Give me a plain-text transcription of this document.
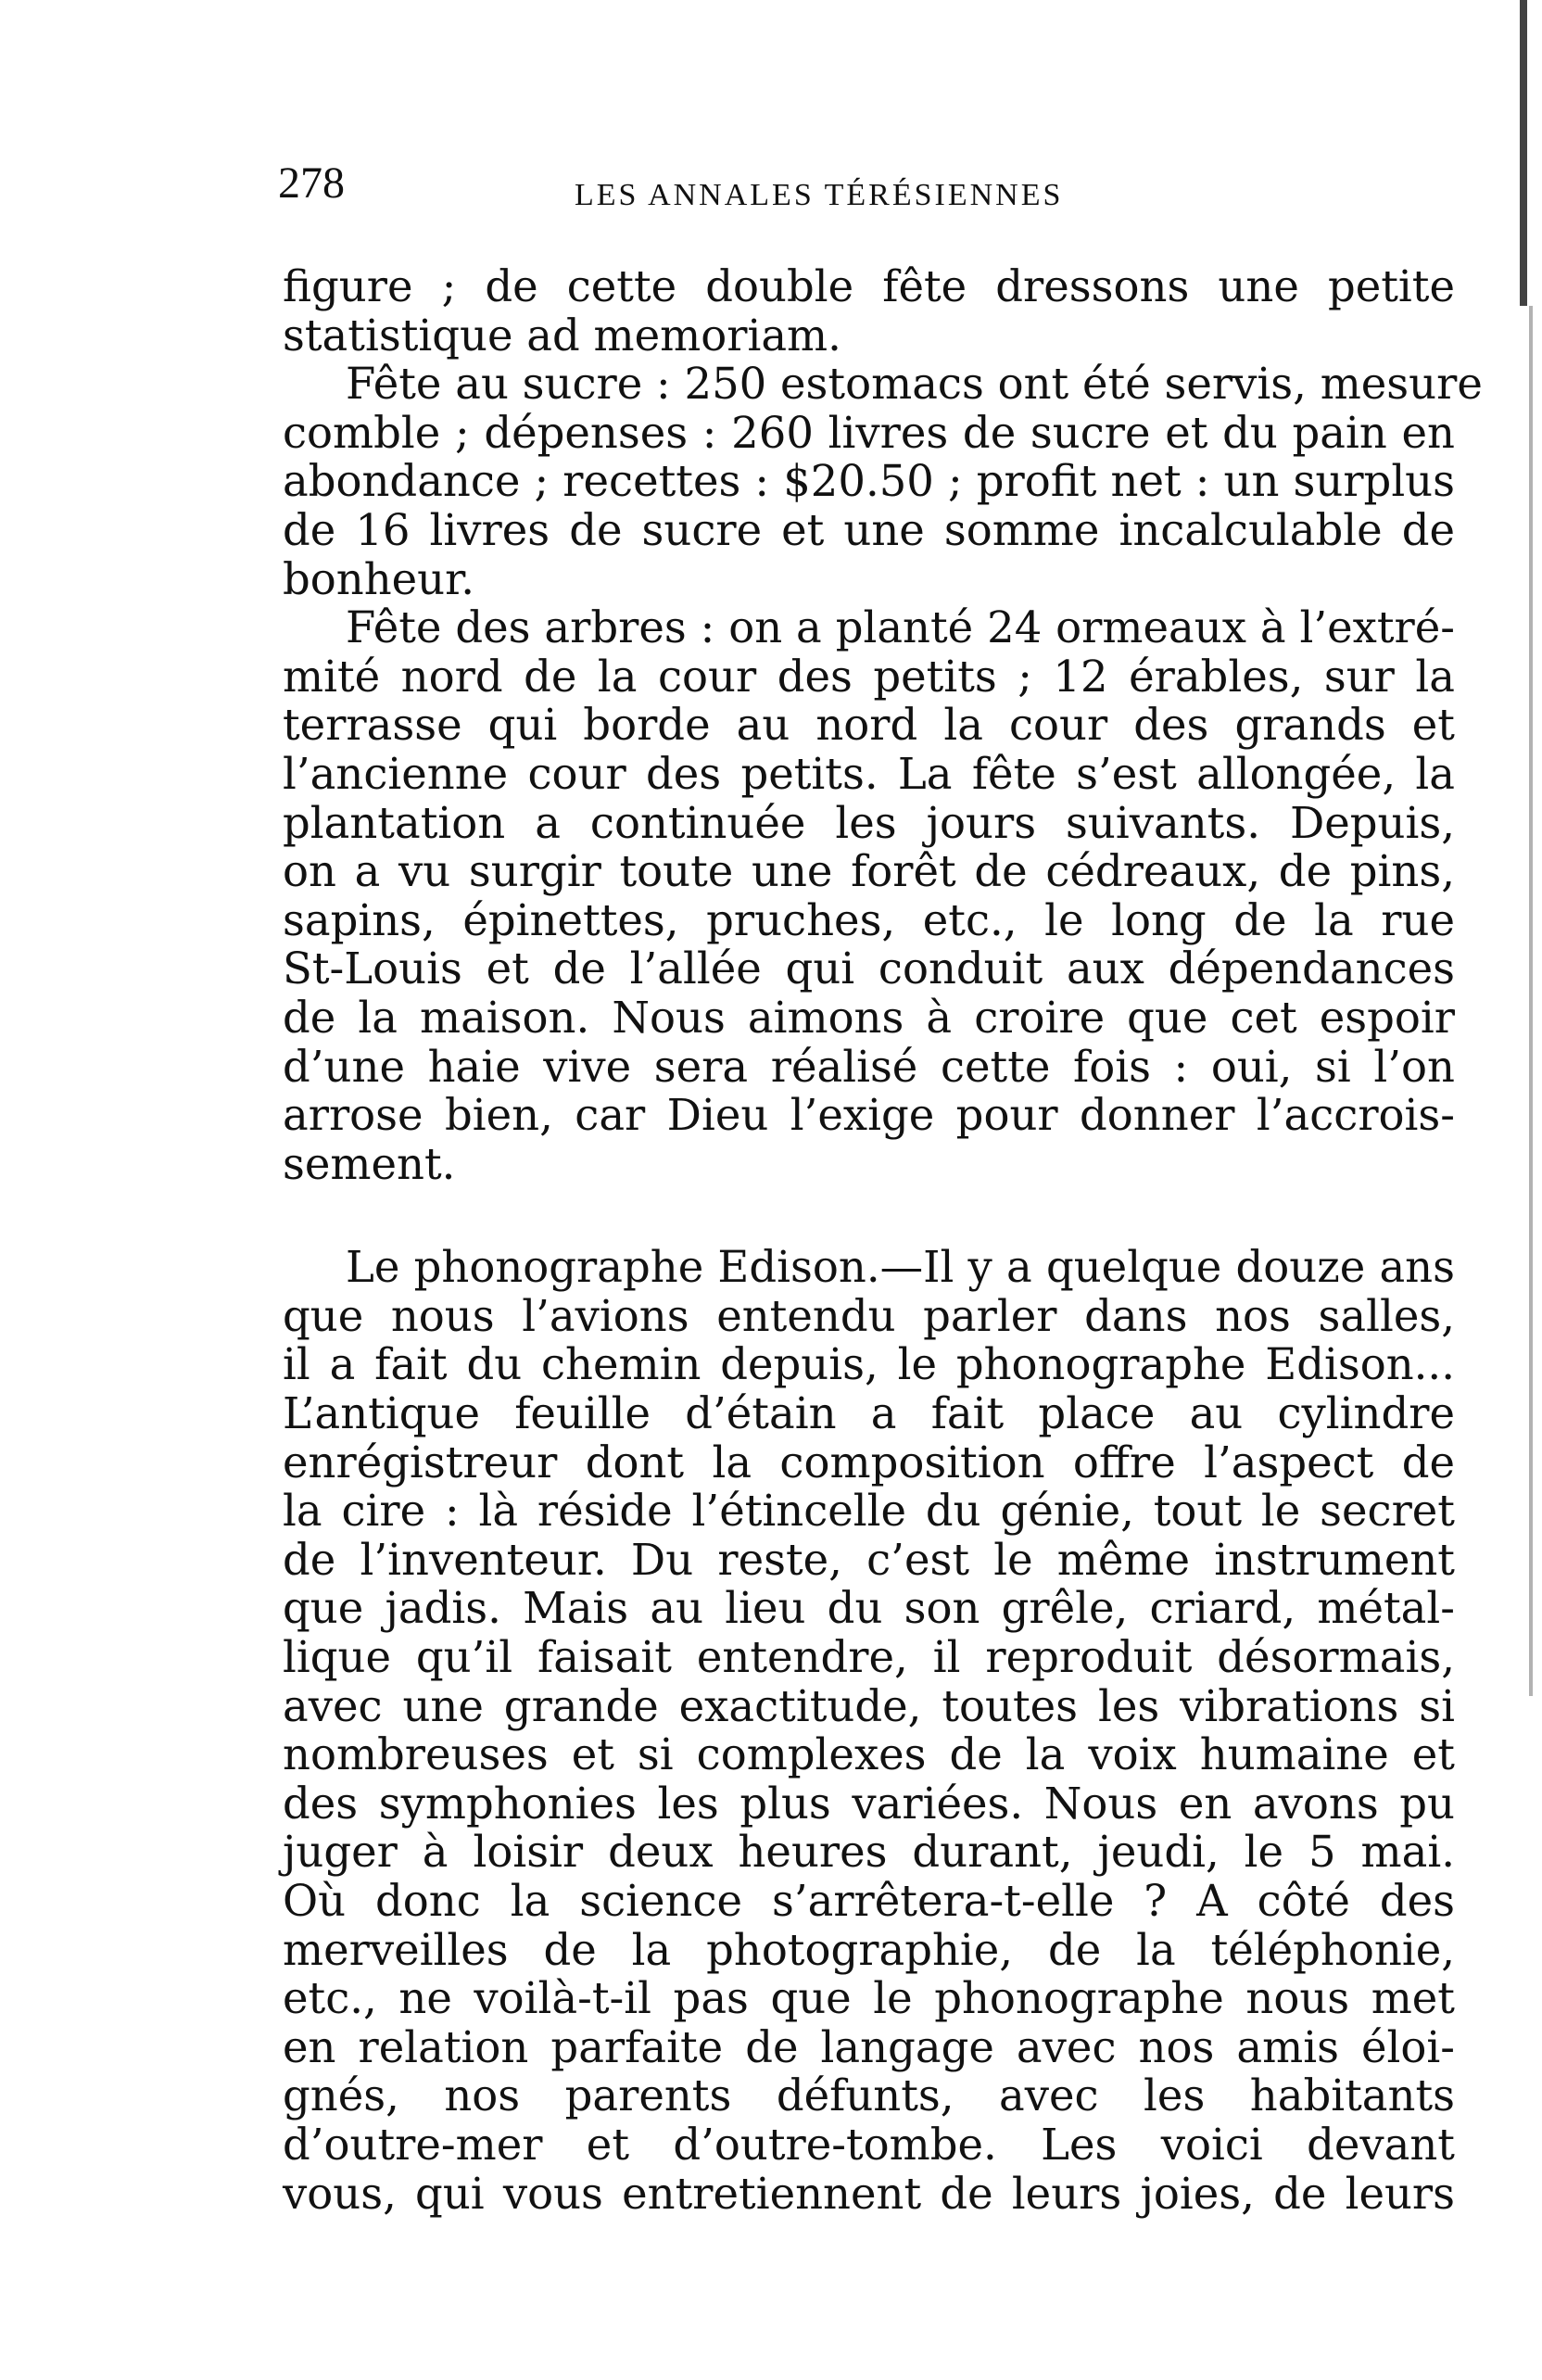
278	LES ANNALES TÉRÉSIENNES
figure ; de cette double fête dressons une petite
statistique ad memoriam.
Fête au sucre : 250 estomacs ont été servis, mesure
comble ; dépenses : 260 livres de sucre et du pain en
abondance ; recettes : $20.50 ; profit net : un surplus
de 16 livres de sucre et une somme incalculable de
bonheur.
Fête des arbres : on a planté 24 ormeaux à l’extré-
mité nord de la cour des petits ; 12 érables, sur la
terrasse qui borde au nord la cour des grands et
l’ancienne cour des petits. La fête s’est allongée, la
plantation a continuée les jours suivants. Depuis,
on a vu surgir toute une forêt de cédreaux, de pins,
sapins, épinettes, pruches, etc., le long de la rue
St-Louis et de l’allée qui conduit aux dépendances
de la maison. Nous aimons à croire que cet espoir
d’une haie vive sera réalisé cette fois : oui, si l’on
arrose bien, car Dieu l’exige pour donner l’accrois-
sement.
Le phonographe Edison.—Il y a quelque douze ans
que nous l’avions entendu parler dans nos salles,
il a fait du chemin depuis, le phonographe Edison...
L’antique feuille d’étain a fait place au cylindre
enrégistreur dont la composition offre l’aspect de
la cire : là réside l’étincelle du génie, tout le secret
de l’inventeur. Du reste, c’est le même instrument
que jadis. Mais au lieu du son grêle, criard, métal-
lique qu’il faisait entendre, il reproduit désormais,
avec une grande exactitude, toutes les vibrations si
nombreuses et si complexes de la voix humaine et
des symphonies les plus variées. Nous en avons pu
juger à loisir deux heures durant, jeudi, le 5 mai.
Où donc la science s’arrêtera-t-elle ? A côté des
merveilles de la photographie, de la téléphonie,
etc., ne voilà-t-il pas que le phonographe nous met
en relation parfaite de langage avec nos amis éloi-
gnés, nos parents défunts, avec les habitants
d’outre-mer et d’outre-tombe. Les voici devant
vous, qui vous entretiennent de leurs joies, de leurs
